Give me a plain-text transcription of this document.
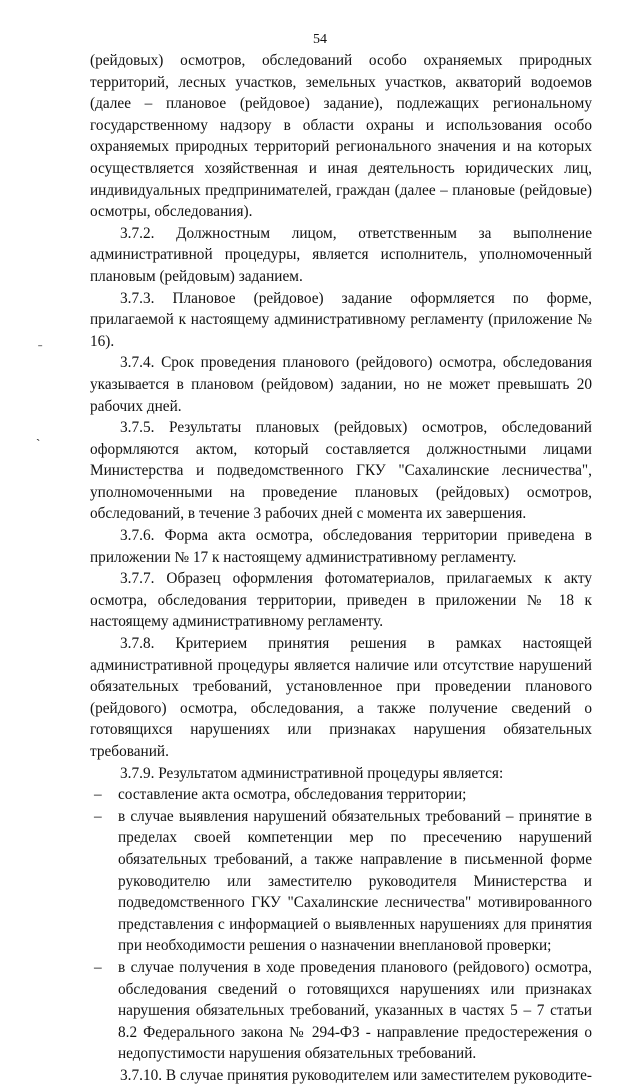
54

(рейдовых) осмотров, обследований особо охраняемых природных территорий, лесных участков, земельных участков, акваторий водоемов (далее – плановое (рейдовое) задание), подлежащих региональному государственному надзору в области охраны и использования особо охраняемых природных территорий регионального значения и на которых осуществляется хозяйственная и иная деятельность юридических лиц, индивидуальных предпринимателей, граждан (далее – плановые (рейдовые) осмотры, обследования).

3.7.2. Должностным лицом, ответственным за выполнение административной процедуры, является исполнитель, уполномоченный плановым (рейдовым) заданием.

3.7.3. Плановое (рейдовое) задание оформляется по форме, прилагаемой к настоящему административному регламенту (приложение № 16).

3.7.4. Срок проведения планового (рейдового) осмотра, обследования указывается в плановом (рейдовом) задании, но не может превышать 20 рабочих дней.

3.7.5. Результаты плановых (рейдовых) осмотров, обследований оформляются актом, который составляется должностными лицами Министерства и подведомственного ГКУ "Сахалинские лесничества", уполномоченными на проведение плановых (рейдовых) осмотров, обследований, в течение 3 рабочих дней с момента их завершения.

3.7.6. Форма акта осмотра, обследования территории приведена в приложении № 17 к настоящему административному регламенту.

3.7.7. Образец оформления фотоматериалов, прилагаемых к акту осмотра, обследования территории, приведен в приложении № 18 к настоящему административному регламенту.

3.7.8. Критерием принятия решения в рамках настоящей административной процедуры является наличие или отсутствие нарушений обязательных требований, установленное при проведении планового (рейдового) осмотра, обследования, а также получение сведений о готовящихся нарушениях или признаках нарушения обязательных требований.

3.7.9. Результатом административной процедуры является:

–	составление акта осмотра, обследования территории;
–	в случае выявления нарушений обязательных требований – принятие в пределах своей компетенции мер по пресечению нарушений обязательных требований, а также направление в письменной форме руководителю или заместителю руководителя Министерства и подведомственного ГКУ "Сахалинские лесничества" мотивированного представления с информацией о выявленных нарушениях для принятия при необходимости решения о назначении внеплановой проверки;
–	в случае получения в ходе проведения планового (рейдового) осмотра, обследования сведений о готовящихся нарушениях или признаках нарушения обязательных требований, указанных в частях 5 – 7 статьи 8.2 Федерального закона № 294-ФЗ - направление предостережения о недопустимости нарушения обязательных требований.

3.7.10. В случае принятия руководителем или заместителем руководите-

ˉ
ˋ
